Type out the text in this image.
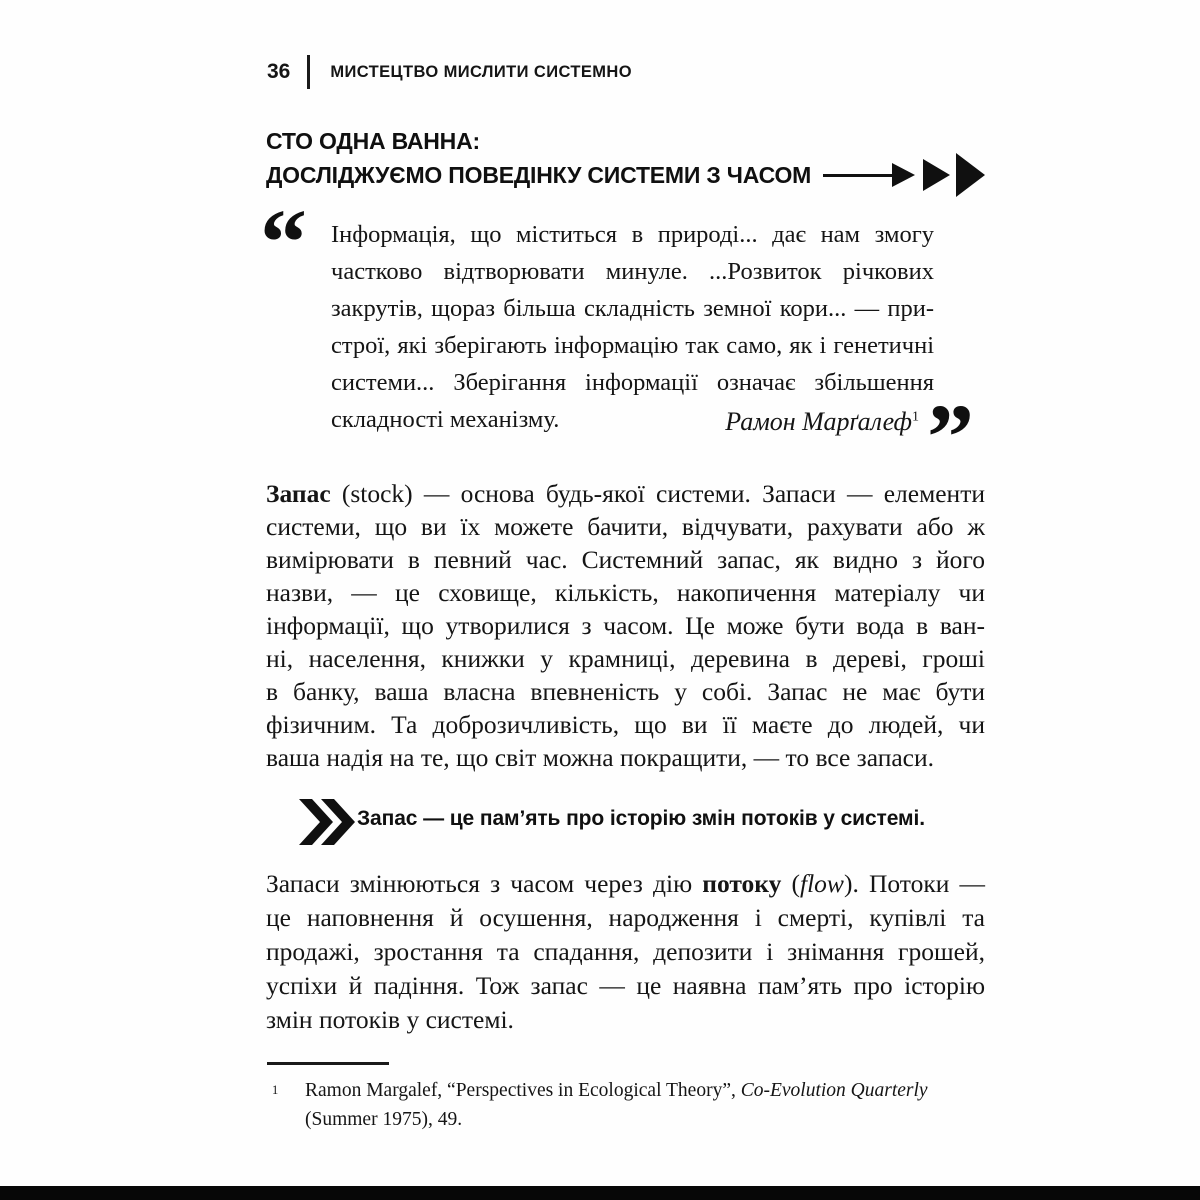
36 МИСТЕЦТВО МИСЛИТИ СИСТЕМНО
СТО ОДНА ВАННА:
ДОСЛІДЖУЄМО ПОВЕДІНКУ СИСТЕМИ З ЧАСОМ
“ Інформація, що міститься в природі... дає нам змогу
частково відтворювати минуле. ...Розвиток річкових
закрутів, щораз більша складність земної кори... — при-
строї, які зберігають інформацію так само, як і генетичні
системи... Зберігання інформації означає збільшення
складності механізму.	Рамон Марґалеф$^1$ ”
Запас (stock) — основа будь-якої системи. Запаси — елементи
системи, що ви їх можете бачити, відчувати, рахувати або ж
вимірювати в певний час. Системний запас, як видно з його
назви, — це сховище, кількість, накопичення матеріалу чи
інформації, що утворилися з часом. Це може бути вода в ван-
ні, населення, книжки у крамниці, деревина в дереві, гроші
в банку, ваша власна впевненість у собі. Запас не має бути
фізичним. Та доброзичливість, що ви її маєте до людей, чи
ваша надія на те, що світ можна покращити, — то все запаси.
Запас — це пам’ять про історію змін потоків у системі.
Запаси змінюються з часом через дію потоку (flow). Потоки —
це наповнення й осушення, народження і смерті, купівлі та
продажі, зростання та спадання, депозити і знімання грошей,
успіхи й падіння. Тож запас — це наявна пам’ять про історію
змін потоків у системі.
1 Ramon Margalef, “Perspectives in Ecological Theory”, Co-Evolution Quarterly
(Summer 1975), 49.
